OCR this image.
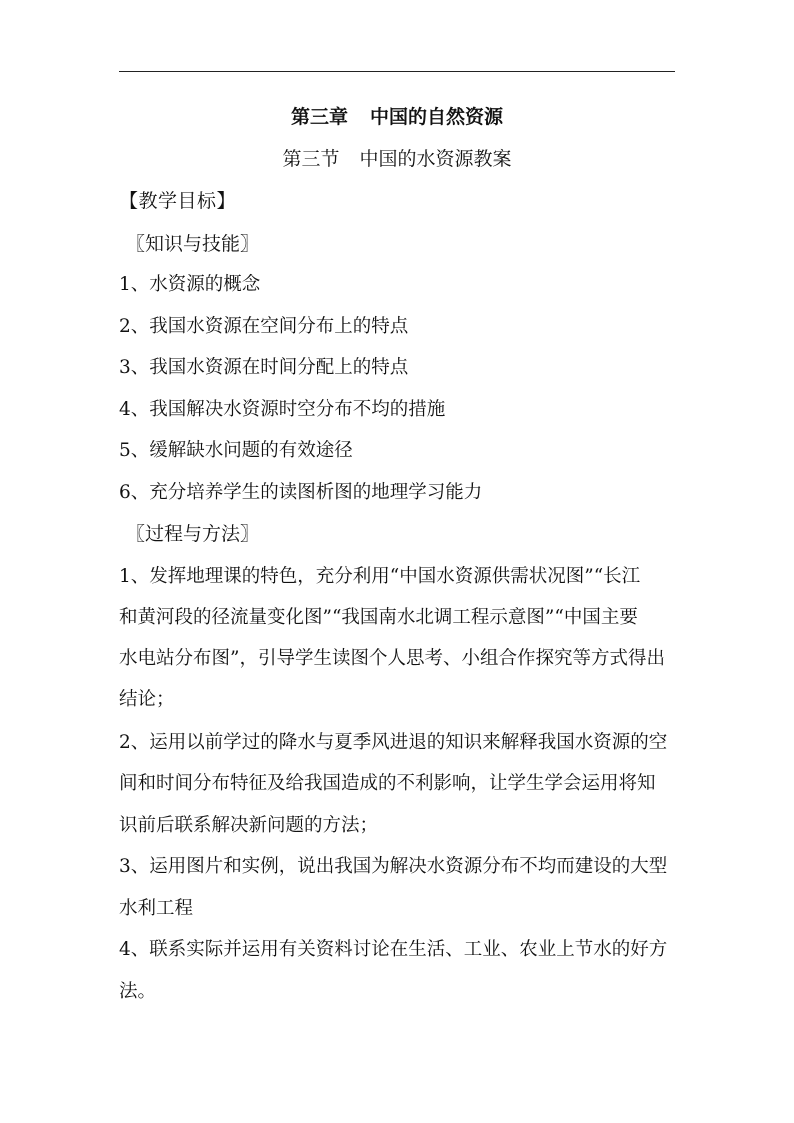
第三章 中国的自然资源
第三节 中国的水资源教案
【教学目标】
〖知识与技能〗
1、水资源的概念
2、我国水资源在空间分布上的特点
3、我国水资源在时间分配上的特点
4、我国解决水资源时空分布不均的措施
5、缓解缺水问题的有效途径
6、充分培养学生的读图析图的地理学习能力
〖过程与方法〗
1、发挥地理课的特色，充分利用“中国水资源供需状况图”“长江
和黄河段的径流量变化图”“我国南水北调工程示意图”“中国主要
水电站分布图”，引导学生读图个人思考、小组合作探究等方式得出
结论；
2、运用以前学过的降水与夏季风进退的知识来解释我国水资源的空
间和时间分布特征及给我国造成的不利影响，让学生学会运用将知
识前后联系解决新问题的方法；
3、运用图片和实例，说出我国为解决水资源分布不均而建设的大型
水利工程
4、联系实际并运用有关资料讨论在生活、工业、农业上节水的好方
法。
